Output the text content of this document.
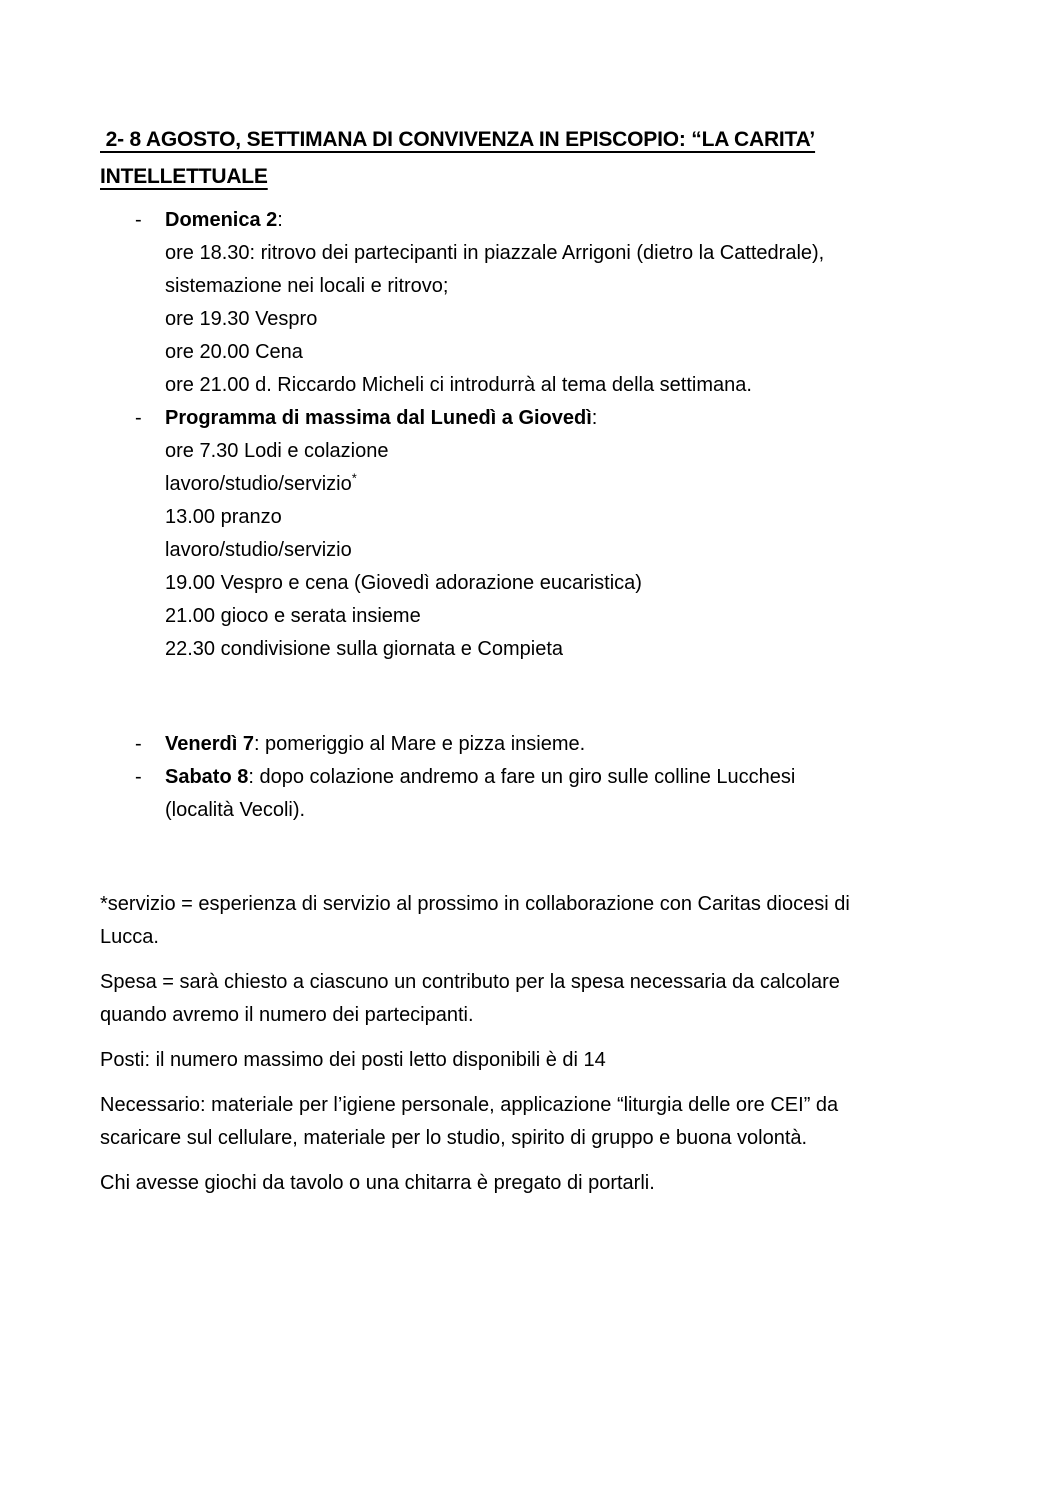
2- 8 AGOSTO, SETTIMANA DI CONVIVENZA IN EPISCOPIO: “LA CARITA’
INTELLETTUALE
-	Domenica 2:
ore 18.30: ritrovo dei partecipanti in piazzale Arrigoni (dietro la Cattedrale),
sistemazione nei locali e ritrovo;
ore 19.30 Vespro
ore 20.00 Cena
ore 21.00 d. Riccardo Micheli ci introdurrà al tema della settimana.
-	Programma di massima dal Lunedì a Giovedì:
ore 7.30 Lodi e colazione
lavoro/studio/servizio*
13.00 pranzo
lavoro/studio/servizio
19.00 Vespro e cena (Giovedì adorazione eucaristica)
21.00 gioco e serata insieme
22.30 condivisione sulla giornata e Compieta
-	Venerdì 7: pomeriggio al Mare e pizza insieme.
-	Sabato 8: dopo colazione andremo a fare un giro sulle colline Lucchesi
(località Vecoli).

*servizio = esperienza di servizio al prossimo in collaborazione con Caritas diocesi di
Lucca.

Spesa = sarà chiesto a ciascuno un contributo per la spesa necessaria da calcolare
quando avremo il numero dei partecipanti.

Posti: il numero massimo dei posti letto disponibili è di 14

Necessario: materiale per l’igiene personale, applicazione “liturgia delle ore CEI” da
scaricare sul cellulare, materiale per lo studio, spirito di gruppo e buona volontà.

Chi avesse giochi da tavolo o una chitarra è pregato di portarli.
